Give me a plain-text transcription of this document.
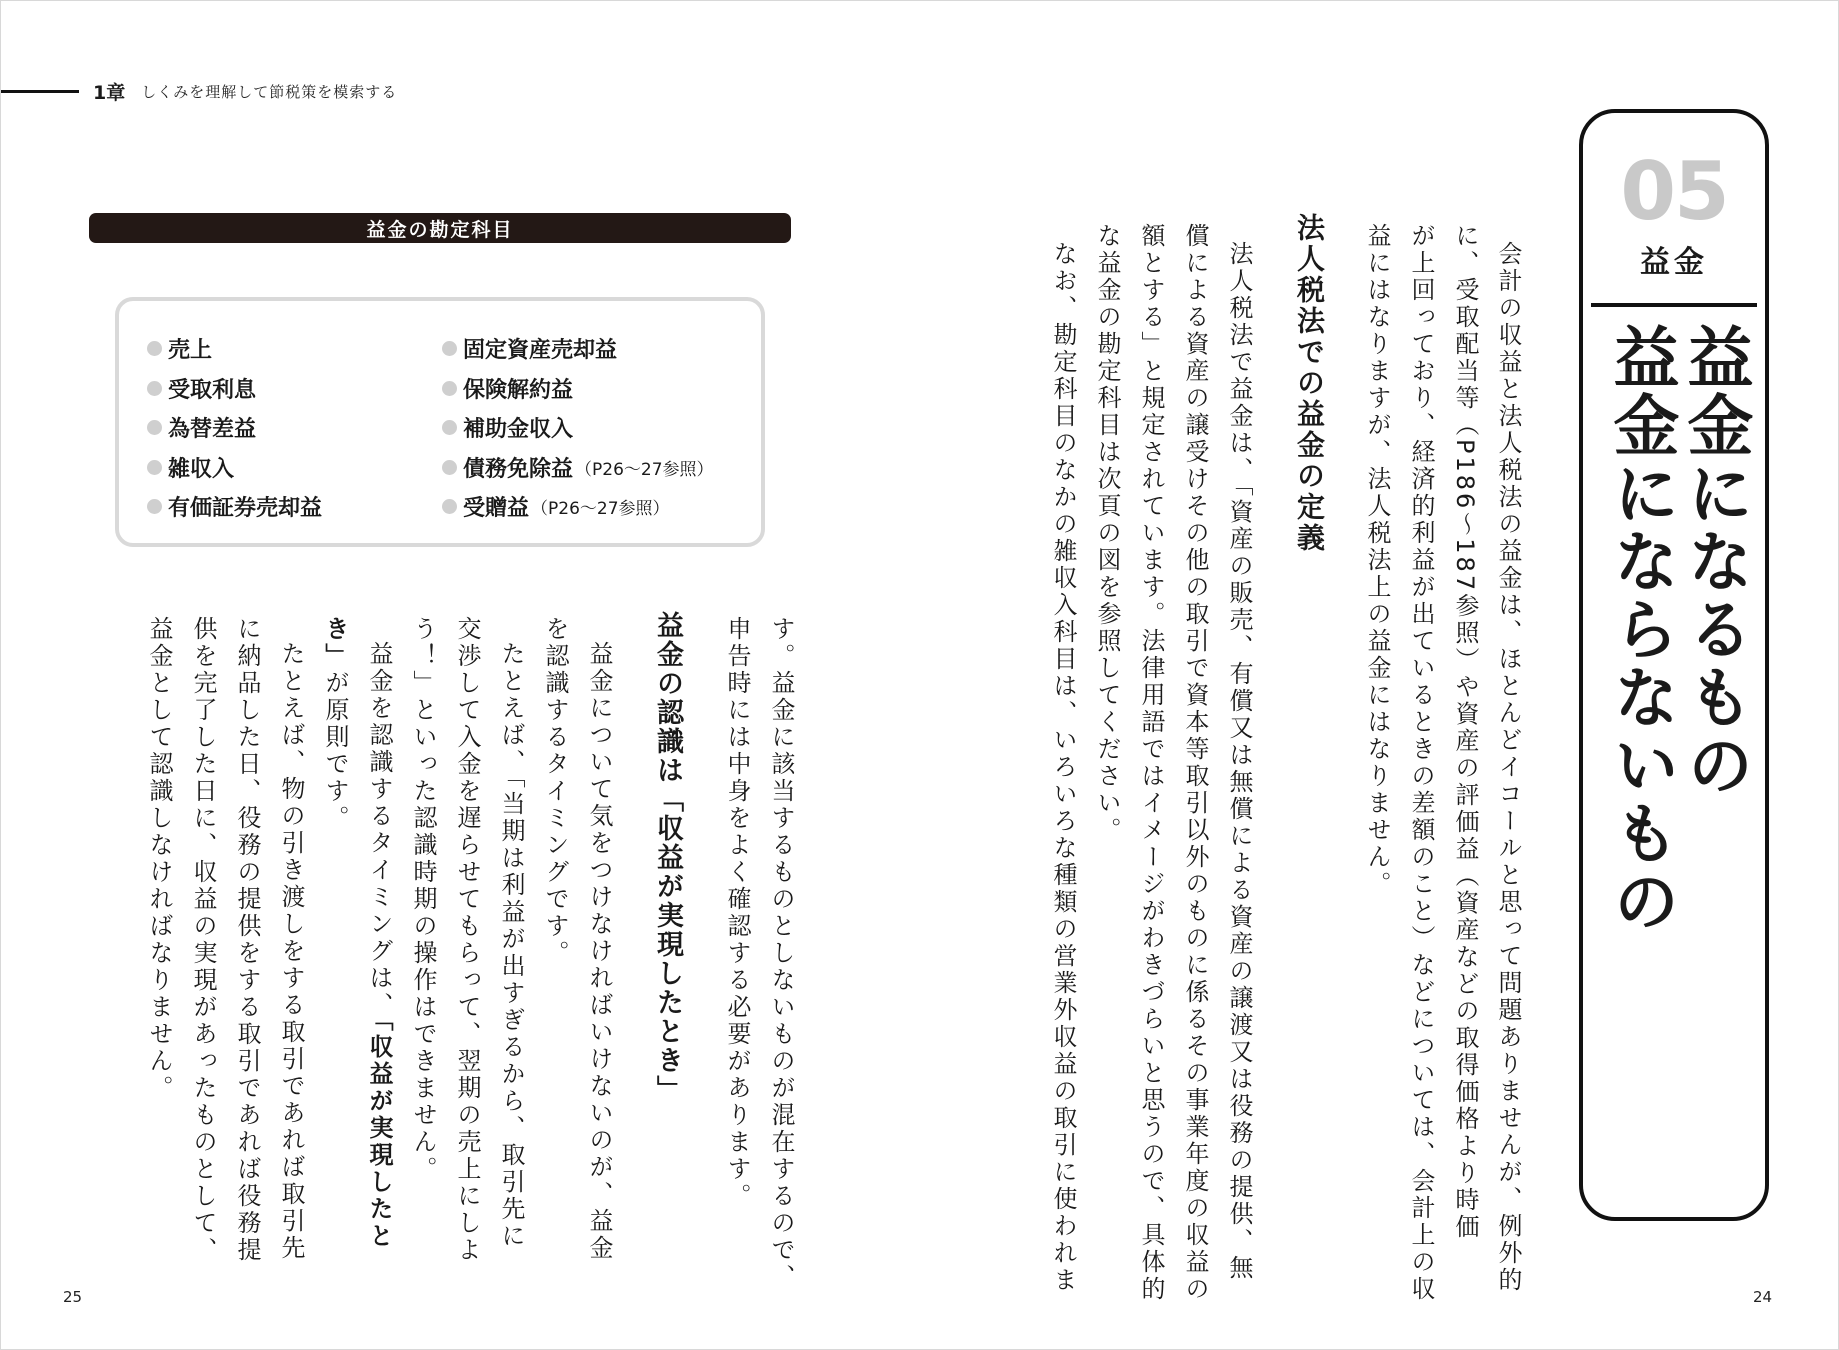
1章 しくみを理解して節税策を模索する
25	24
05
益金
益金になるもの
益金にならないもの
会計の収益と法人税法の益金は、ほとんどイコールと思って問題ありませんが、例外的
に、受取配当等（P186〜187参照）や資産の評価益（資産などの取得価格より時価
が上回っており、経済的利益が出ているときの差額のこと）などについては、会計上の収
益にはなりますが、法人税法上の益金にはなりません。
法人税法での益金の定義
法人税法で益金は、「資産の販売、有償又は無償による資産の譲渡又は役務の提供、無
償による資産の譲受けその他の取引で資本等取引以外のものに係るその事業年度の収益の
額とする」と規定されています。法律用語ではイメージがわきづらいと思うので、具体的
な益金の勘定科目は次頁の図を参照してください。
なお、勘定科目のなかの雑収入科目は、いろいろな種類の営業外収益の取引に使われま
益金の勘定科目
売上
受取利息
為替差益
雑収入
有価証券売却益
固定資産売却益
保険解約益
補助金収入
債務免除益 （P26〜27参照）
受贈益 （P26〜27参照）
す。益金に該当するものとしないものが混在するので、
申告時には中身をよく確認する必要があります。
益金の認識は「収益が実現したとき」
益金について気をつけなければいけないのが、益金
を認識するタイミングです。
たとえば、「当期は利益が出すぎるから、取引先に
交渉して入金を遅らせてもらって、翌期の売上にしよ
う！」といった認識時期の操作はできません。
益金を認識するタイミングは、「収益が実現したと
き」が原則です。
たとえば、物の引き渡しをする取引であれば取引先
に納品した日、役務の提供をする取引であれば役務提
供を完了した日に、収益の実現があったものとして、
益金として認識しなければなりません。
